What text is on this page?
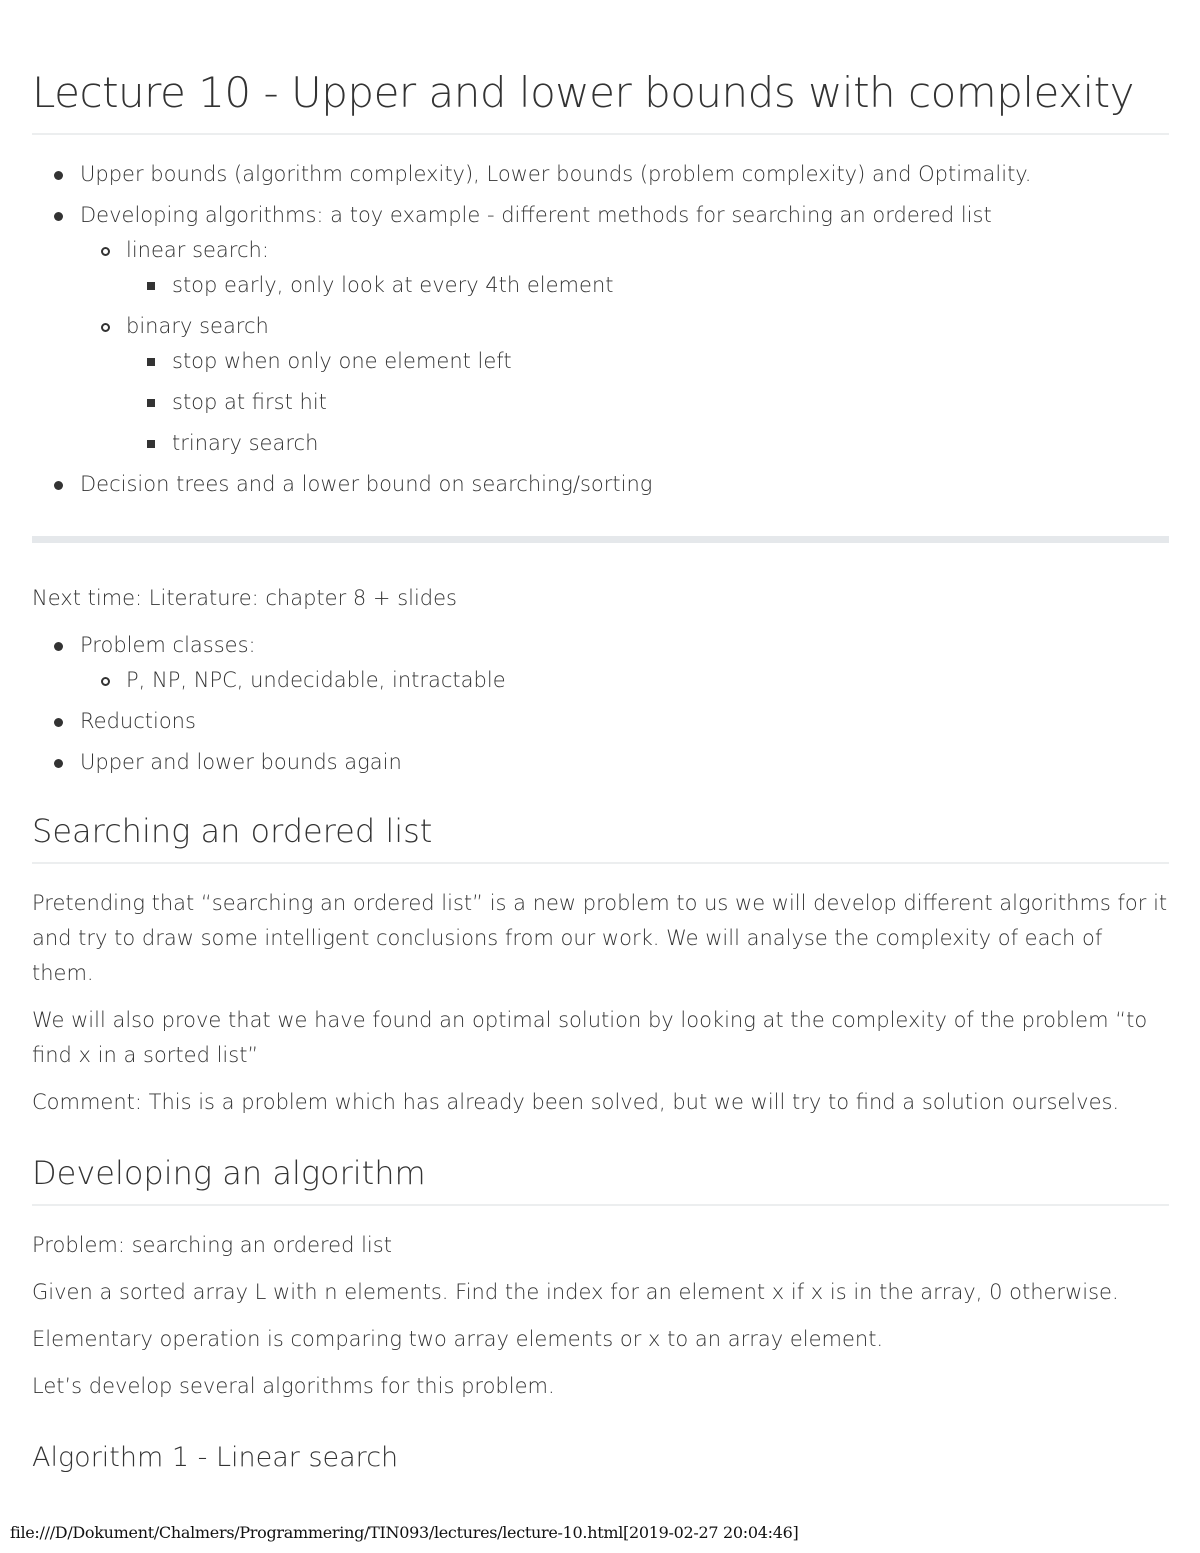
Lecture 10 - Upper and lower bounds with complexity
Upper bounds (algorithm complexity), Lower bounds (problem complexity) and Optimality.
Developing algorithms: a toy example - different methods for searching an ordered list
linear search:
stop early, only look at every 4th element
binary search
stop when only one element left
stop at first hit
trinary search
Decision trees and a lower bound on searching/sorting

Next time: Literature: chapter 8 + slides

Problem classes:
P, NP, NPC, undecidable, intractable
Reductions
Upper and lower bounds again
Searching an ordered list

Pretending that “searching an ordered list” is a new problem to us we will develop different algorithms for it and try to draw some intelligent conclusions from our work. We will analyse the complexity of each of them.

We will also prove that we have found an optimal solution by looking at the complexity of the problem “to find x in a sorted list”

Comment: This is a problem which has already been solved, but we will try to find a solution ourselves.

Developing an algorithm

Problem: searching an ordered list

Given a sorted array L with n elements. Find the index for an element x if x is in the array, 0 otherwise.

Elementary operation is comparing two array elements or x to an array element.

Let’s develop several algorithms for this problem.

Algorithm 1 - Linear search
file:///D/Dokument/Chalmers/Programmering/TIN093/lectures/lecture-10.html[2019-02-27 20:04:46]
